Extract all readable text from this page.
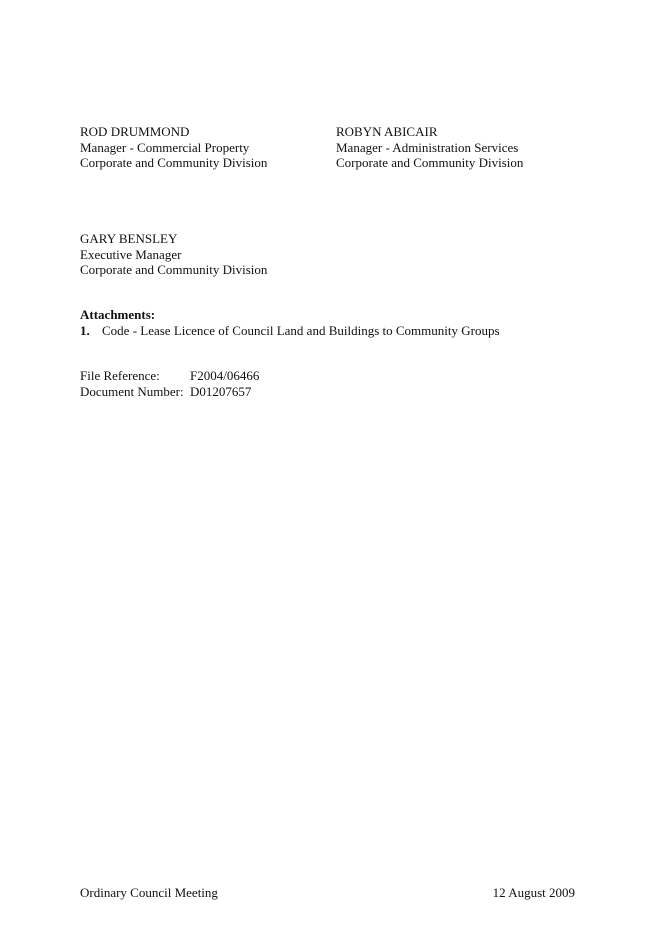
ROD DRUMMOND
Manager - Commercial Property
Corporate and Community Division
ROBYN ABICAIR
Manager - Administration Services
Corporate and Community Division
GARY BENSLEY
Executive Manager
Corporate and Community Division
Attachments:
1. Code - Lease Licence of Council Land and Buildings to Community Groups
File Reference:	F2004/06466
Document Number: D01207657
Ordinary Council Meeting	12 August 2009
